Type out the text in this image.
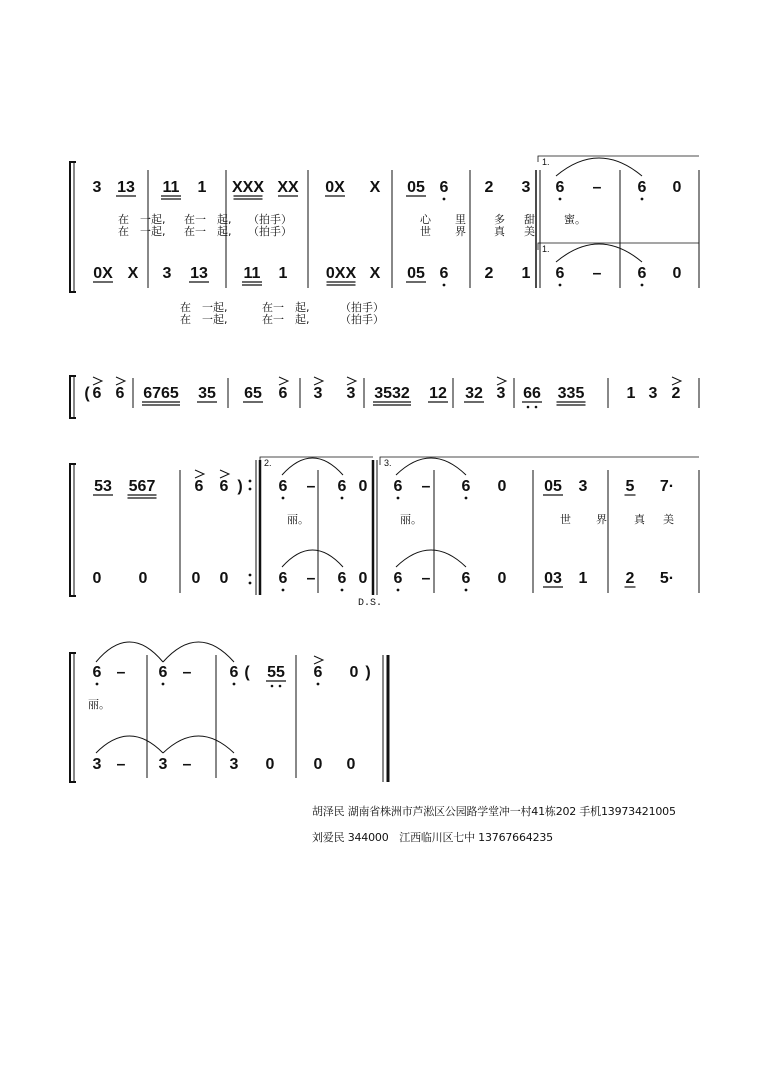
3 13 11 1 XXX XX 0X X 05 6 2 3 6 – 6 0
在　一起, 在一　起, （拍手）
在　一起, 在一　起, （拍手）
心 里	多 甜	蜜。
世 界	真 美
0X X 3 13 11 1 0XX X 05 6 2 1 6 – 6 0
在　一起,	在一　起,	（拍手）
在　一起,	在一　起,	（拍手）
1.
1.
( 6 6 6765 35 65 6 3 3 3532 12 32 3 66 335	1 3 2
53 567 6 6 ) 6 – 6 0 6 – 6 0 05 3 5 7·
丽。	丽。	世 界 真 美
0 0	0 0	6 – 6 0 6 – 6 0 03 1 2 5·
2.	3.
D.S.
6 – 6 – 6 ( 55 6 0 )
丽。
3 – 3 – 3 0 0 0
胡泽民 湖南省株洲市芦淞区公园路学堂冲一村41栋202 手机13973421005
刘爱民 344000　江西临川区七中 13767664235
